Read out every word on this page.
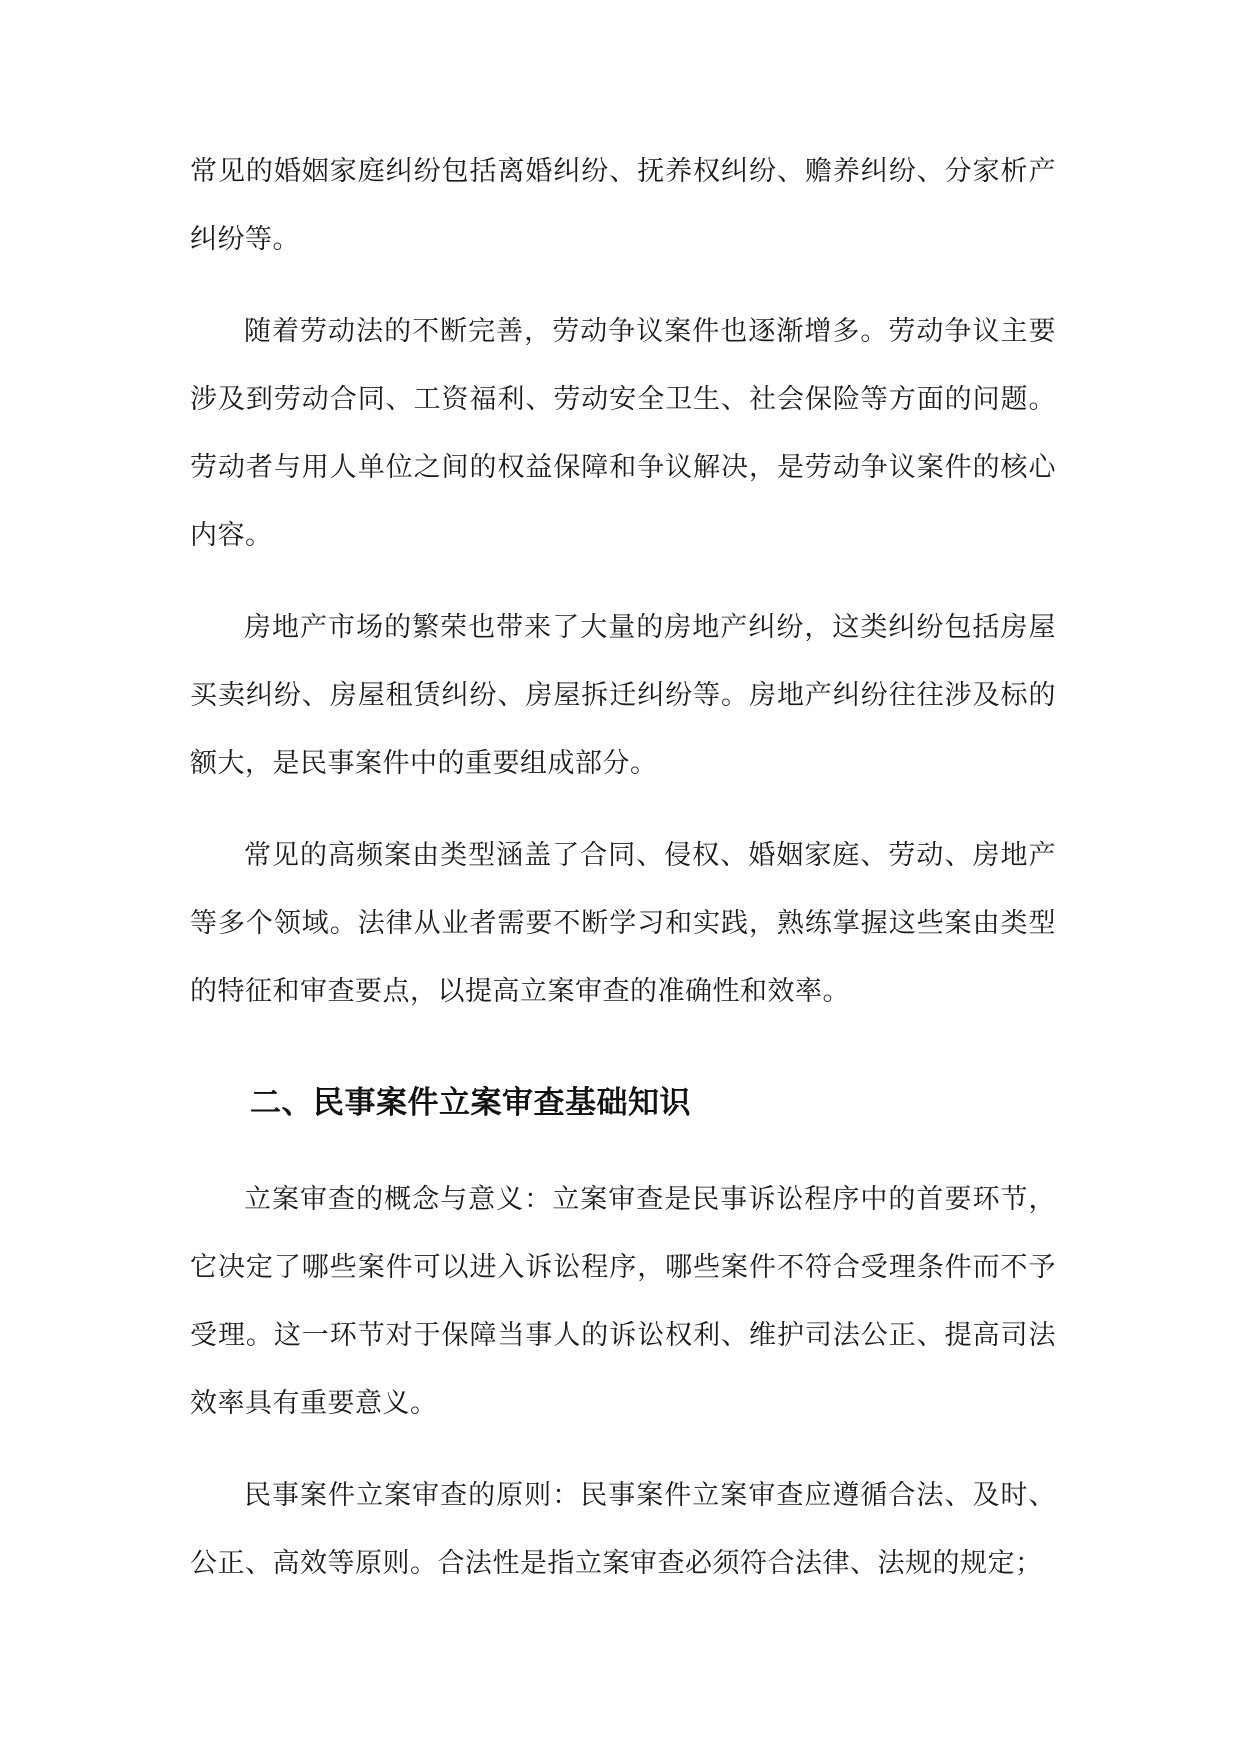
常见的婚姻家庭纠纷包括离婚纠纷、抚养权纠纷、赡养纠纷、分家析产纠纷等。

随着劳动法的不断完善，劳动争议案件也逐渐增多。劳动争议主要涉及到劳动合同、工资福利、劳动安全卫生、社会保险等方面的问题。劳动者与用人单位之间的权益保障和争议解决，是劳动争议案件的核心内容。

房地产市场的繁荣也带来了大量的房地产纠纷，这类纠纷包括房屋买卖纠纷、房屋租赁纠纷、房屋拆迁纠纷等。房地产纠纷往往涉及标的额大，是民事案件中的重要组成部分。

常见的高频案由类型涵盖了合同、侵权、婚姻家庭、劳动、房地产等多个领域。法律从业者需要不断学习和实践，熟练掌握这些案由类型的特征和审查要点，以提高立案审查的准确性和效率。

二、民事案件立案审查基础知识

立案审查的概念与意义：立案审查是民事诉讼程序中的首要环节，它决定了哪些案件可以进入诉讼程序，哪些案件不符合受理条件而不予受理。这一环节对于保障当事人的诉讼权利、维护司法公正、提高司法效率具有重要意义。

民事案件立案审查的原则：民事案件立案审查应遵循合法、及时、公正、高效等原则。合法性是指立案审查必须符合法律、法规的规定；
